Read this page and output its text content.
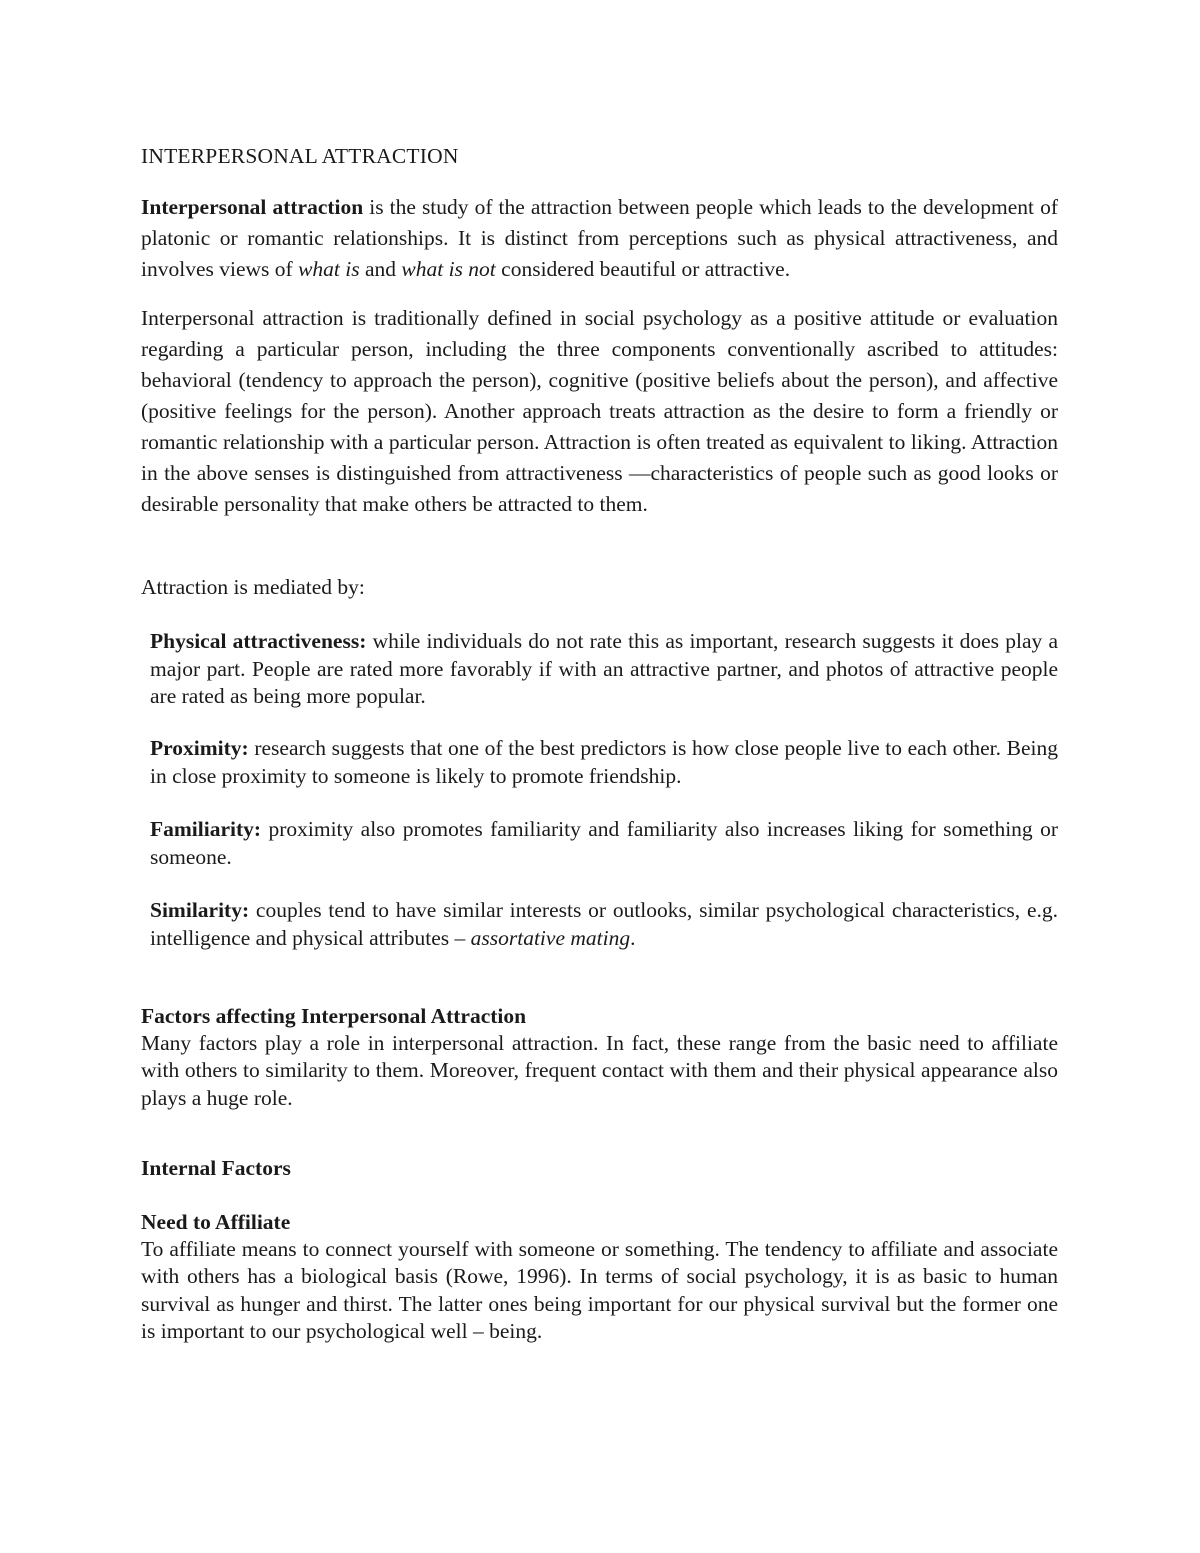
INTERPERSONAL ATTRACTION

Interpersonal attraction is the study of the attraction between people which leads to the development of platonic or romantic relationships. It is distinct from perceptions such as physical attractiveness, and involves views of what is and what is not considered beautiful or attractive.

Interpersonal attraction is traditionally defined in social psychology as a positive attitude or evaluation regarding a particular person, including the three components conventionally ascribed to attitudes: behavioral (tendency to approach the person), cognitive (positive beliefs about the person), and affective (positive feelings for the person). Another approach treats attraction as the desire to form a friendly or romantic relationship with a particular person. Attraction is often treated as equivalent to liking. Attraction in the above senses is distinguished from attractiveness —characteristics of people such as good looks or desirable personality that make others be attracted to them.

Attraction is mediated by:

Physical attractiveness: while individuals do not rate this as important, research suggests it does play a major part. People are rated more favorably if with an attractive partner, and photos of attractive people are rated as being more popular.

Proximity: research suggests that one of the best predictors is how close people live to each other. Being in close proximity to someone is likely to promote friendship.

Familiarity: proximity also promotes familiarity and familiarity also increases liking for something or someone.

Similarity: couples tend to have similar interests or outlooks, similar psychological characteristics, e.g. intelligence and physical attributes – assortative mating.

Factors affecting Interpersonal Attraction
Many factors play a role in interpersonal attraction. In fact, these range from the basic need to affiliate with others to similarity to them. Moreover, frequent contact with them and their physical appearance also plays a huge role.
Internal Factors
Need to Affiliate
To affiliate means to connect yourself with someone or something. The tendency to affiliate and associate with others has a biological basis (Rowe, 1996). In terms of social psychology, it is as basic to human survival as hunger and thirst. The latter ones being important for our physical survival but the former one is important to our psychological well – being.
